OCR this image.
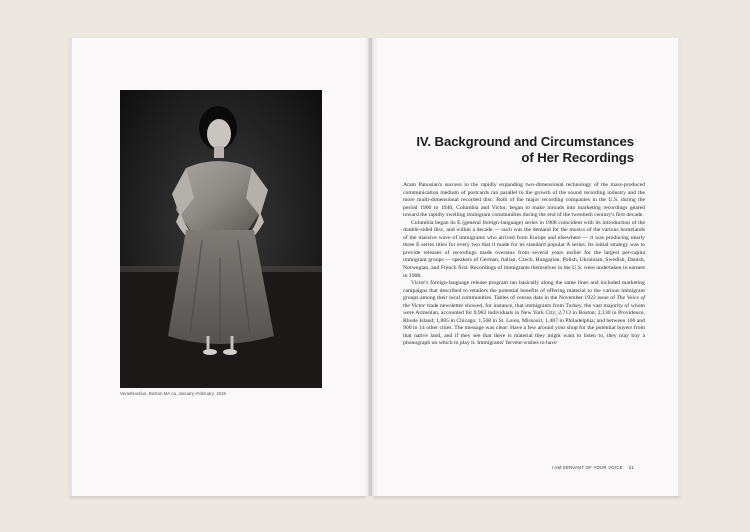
Verastinoslun, Boston MA ca. January–February, 1919
IV. Background and Circumstances
of Her Recordings

Aram Panosian's success in the rapidly expanding two-dimensional technology of the mass-produced communication medium of postcards ran parallel to the growth of the sound recording industry and the more multi-dimensional recorded disc. Both of the major recording companies in the U.S. during the period 1900 to 1940, Columbia and Victor, began to make inroads into marketing recordings geared toward the rapidly swelling immigrant communities during the end of the twentieth century's first decade.

Columbia began its E (general foreign-language) series in 1908 coincident with its introduction of the double-sided disc, and within a decade — such was the demand for the musics of the various homelands of the massive wave of immigrants who arrived from Europe and elsewhere — it was producing nearly three E series titles for every two that it made for its standard popular A series. Its initial strategy was to provide releases of recordings made overseas from several years earlier for the largest per-capita immigrant groups — speakers of German, Italian, Czech, Hungarian, Polish, Ukrainian, Swedish, Danish, Norwegian, and French first. Recordings of immigrants themselves in the U.S. were undertaken in earnest in 1908.

Victor's foreign-language release program ran basically along the same lines and included marketing campaigns that described to retailers the potential benefits of offering material to the various immigrant groups among their local communities. Tables of census data in the November 1922 issue of The Voice of the Victor trade newsletter showed, for instance, that immigrants from Turkey, the vast majority of whom were Armenian, accounted for 9,982 individuals in New York City; 2,713 in Boston; 2,130 in Providence, Rhode Island; 1,885 in Chicago; 1,568 in St. Louis, Missouri; 1,487 in Philadelphia; and between 100 and 900 in 14 other cities. The message was clear: Have a few around your shop for the potential buyers from that native land, and if they see that there is material they might want to listen to, they may buy a phonograph on which to play it. Immigrants' fervent wishes to have

I AM SERVANT OF YOUR VOICE 21
